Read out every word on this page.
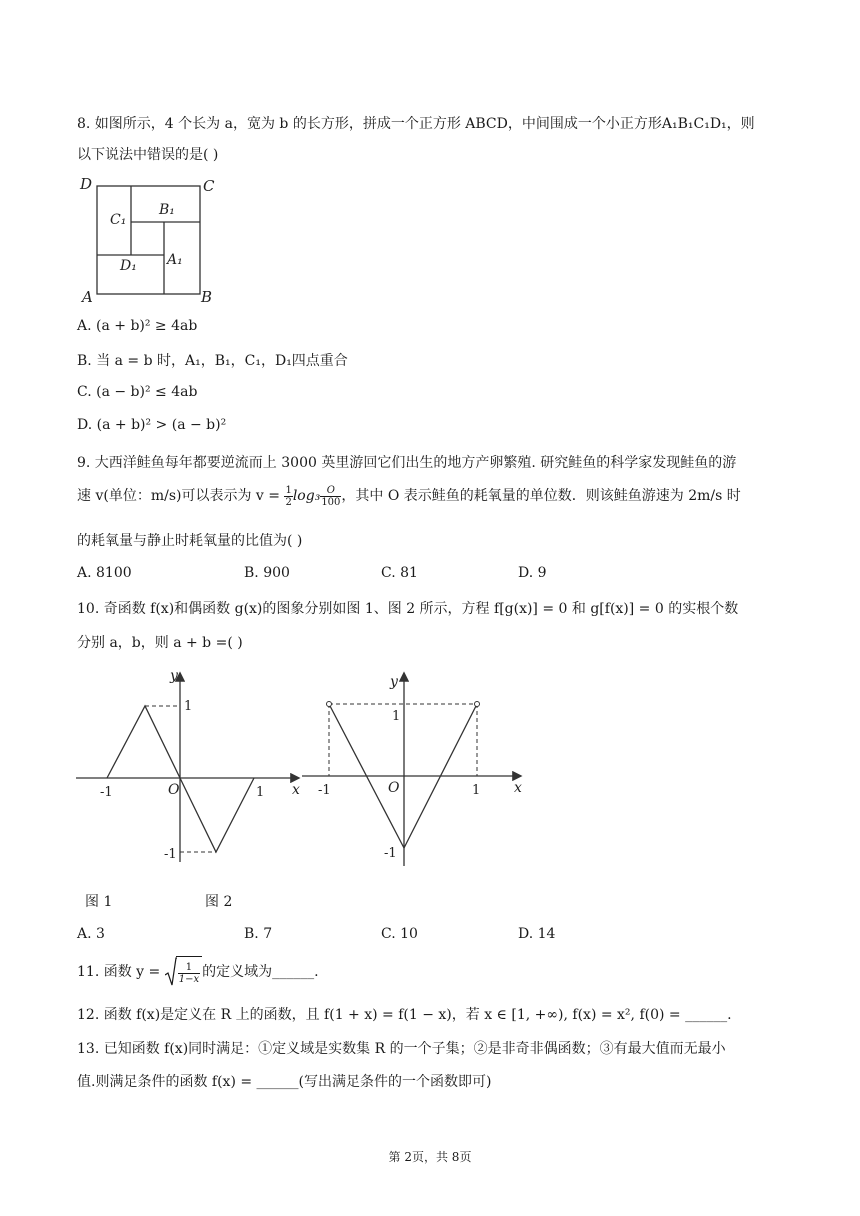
8. 如图所示，4 个长为 a，宽为 b 的长方形，拼成一个正方形 ABCD，中间围成一个小正方形A₁B₁C₁D₁，则
以下说法中错误的是( )
D	C
A	B
C₁
B₁
D₁ A₁
A. (a + b)² ≥ 4ab
B. 当 a = b 时，A₁，B₁，C₁，D₁四点重合
C. (a − b)² ≤ 4ab
D. (a + b)² > (a − b)²
9. 大西洋鲑鱼每年都要逆流而上 3000 英里游回它们出生的地方产卵繁殖. 研究鲑鱼的科学家发现鲑鱼的游
速 v(单位：m/s)可以表示为 $v = \frac{1}{2} \log_3 \frac{O}{100}$ ，其中 O 表示鲑鱼的耗氧量的单位数．则该鲑鱼游速为 2m/s 时
的耗氧量与静止时耗氧量的比值为( )
A. 8100	B. 900	C. 81	D. 9
10. 奇函数 f(x)和偶函数 g(x)的图象分别如图 1、图 2 所示，方程 f[g(x)] = 0 和 g[f(x)] = 0 的实根个数
分别 a，b，则 a + b =( )
y
x
O
-1	1
1
-1
y
x
O
-1	1
1
-1
图 1	图 2
A. 3	B. 7	C. 10	D. 14
11. 函数 $y = \frac{1}{1-x}$ 的定义域为______.
12. 函数 f(x)是定义在 R 上的函数，且 f(1 + x) = f(1 − x)，若 x ∈ [1, +∞), f(x) = x², f(0) = ______.
13. 已知函数 f(x)同时满足：①定义域是实数集 R 的一个子集；②是非奇非偶函数；③有最大值而无最小
值.则满足条件的函数 f(x) = ______(写出满足条件的一个函数即可)
第 2页，共 8页
